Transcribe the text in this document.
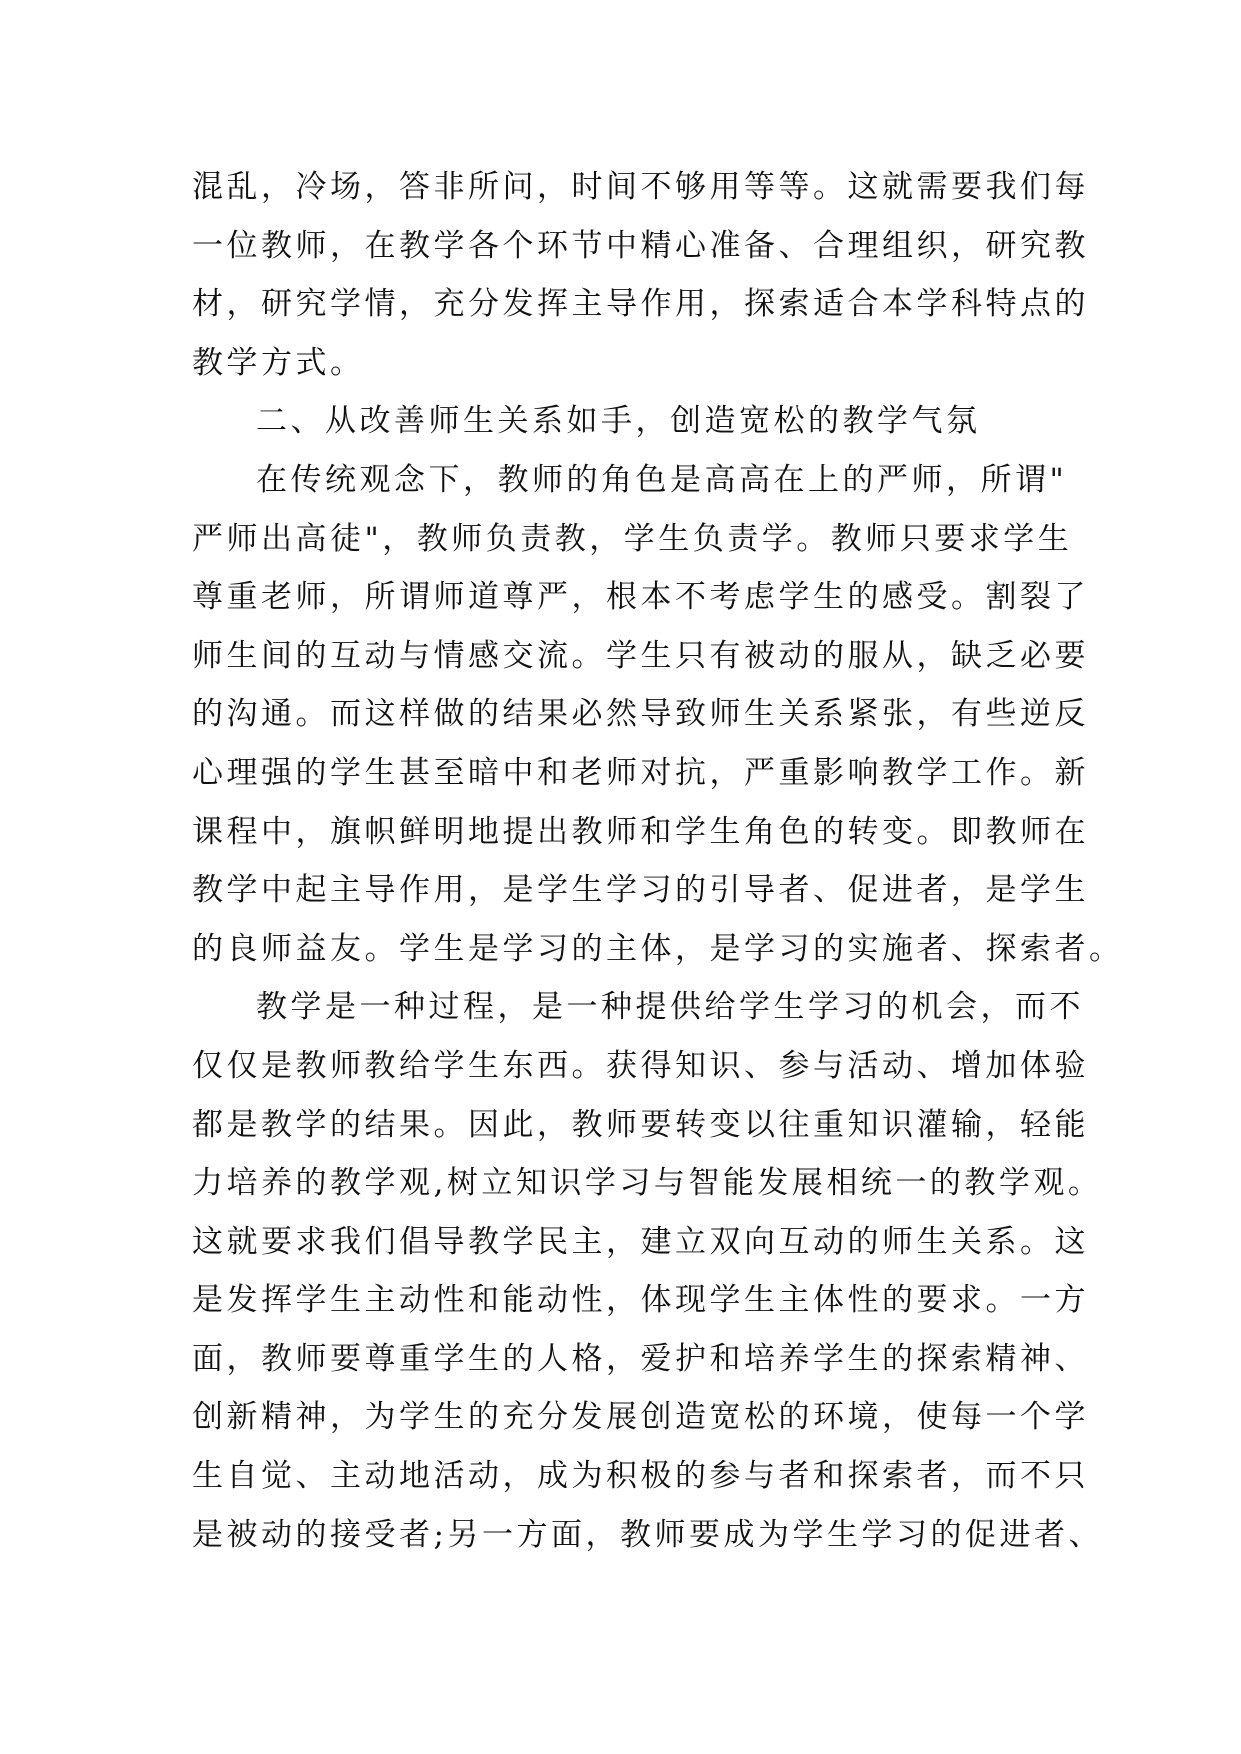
混乱，冷场，答非所问，时间不够用等等。这就需要我们每
一位教师，在教学各个环节中精心准备、合理组织，研究教
材，研究学情，充分发挥主导作用，探索适合本学科特点的
教学方式。
二、从改善师生关系如手，创造宽松的教学气氛
在传统观念下，教师的角色是高高在上的严师，所谓"
严师出高徒"，教师负责教，学生负责学。教师只要求学生
尊重老师，所谓师道尊严，根本不考虑学生的感受。割裂了
师生间的互动与情感交流。学生只有被动的服从，缺乏必要
的沟通。而这样做的结果必然导致师生关系紧张，有些逆反
心理强的学生甚至暗中和老师对抗，严重影响教学工作。新
课程中，旗帜鲜明地提出教师和学生角色的转变。即教师在
教学中起主导作用，是学生学习的引导者、促进者，是学生
的良师益友。学生是学习的主体，是学习的实施者、探索者。
教学是一种过程，是一种提供给学生学习的机会，而不
仅仅是教师教给学生东西。获得知识、参与活动、增加体验
都是教学的结果。因此，教师要转变以往重知识灌输，轻能
力培养的教学观,树立知识学习与智能发展相统一的教学观。
这就要求我们倡导教学民主，建立双向互动的师生关系。这
是发挥学生主动性和能动性，体现学生主体性的要求。一方
面，教师要尊重学生的人格，爱护和培养学生的探索精神、
创新精神，为学生的充分发展创造宽松的环境，使每一个学
生自觉、主动地活动，成为积极的参与者和探索者，而不只
是被动的接受者;另一方面，教师要成为学生学习的促进者、
